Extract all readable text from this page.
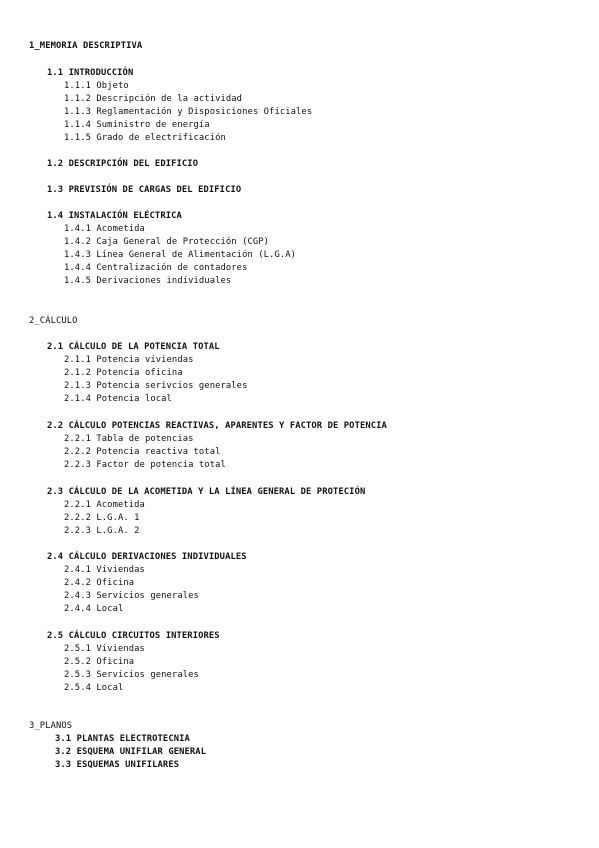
1_MEMORIA DESCRIPTIVA
1.1 INTRODUCCIÓN
1.1.1 Objeto
1.1.2 Descripción de la actividad
1.1.3 Reglamentación y Disposiciones Oficiales
1.1.4 Suministro de energía
1.1.5 Grado de electrificación
1.2 DESCRIPCIÓN DEL EDIFICIO
1.3 PREVISIÓN DE CARGAS DEL EDIFICIO
1.4 INSTALACIÓN ELÉCTRICA
1.4.1 Acometida
1.4.2 Caja General de Protección (CGP)
1.4.3 Línea General de Alimentación (L.G.A)
1.4.4 Centralización de contadores
1.4.5 Derivaciones individuales
2_CÁLCULO
2.1 CÁLCULO DE LA POTENCIA TOTAL
2.1.1 Potencia viviendas
2.1.2 Potencia oficina
2.1.3 Potencia serivcios generales
2.1.4 Potencia local
2.2 CÁLCULO POTENCIAS REACTIVAS, APARENTES Y FACTOR DE POTENCIA
2.2.1 Tabla de potencias
2.2.2 Potencia reactiva total
2.2.3 Factor de potencia total
2.3 CÁLCULO DE LA ACOMETIDA Y LA LÍNEA GENERAL DE PROTECIÓN
2.2.1 Acometida
2.2.2 L.G.A. 1
2.2.3 L.G.A. 2
2.4 CÁLCULO DERIVACIONES INDIVIDUALES
2.4.1 Viviendas
2.4.2 Oficina
2.4.3 Servicios generales
2.4.4 Local
2.5 CÁLCULO CIRCUITOS INTERIORES
2.5.1 Viviendas
2.5.2 Oficina
2.5.3 Servicios generales
2.5.4 Local
3_PLANOS
3.1 PLANTAS ELECTROTECNIA
3.2 ESQUEMA UNIFILAR GENERAL
3.3 ESQUEMAS UNIFILARES
